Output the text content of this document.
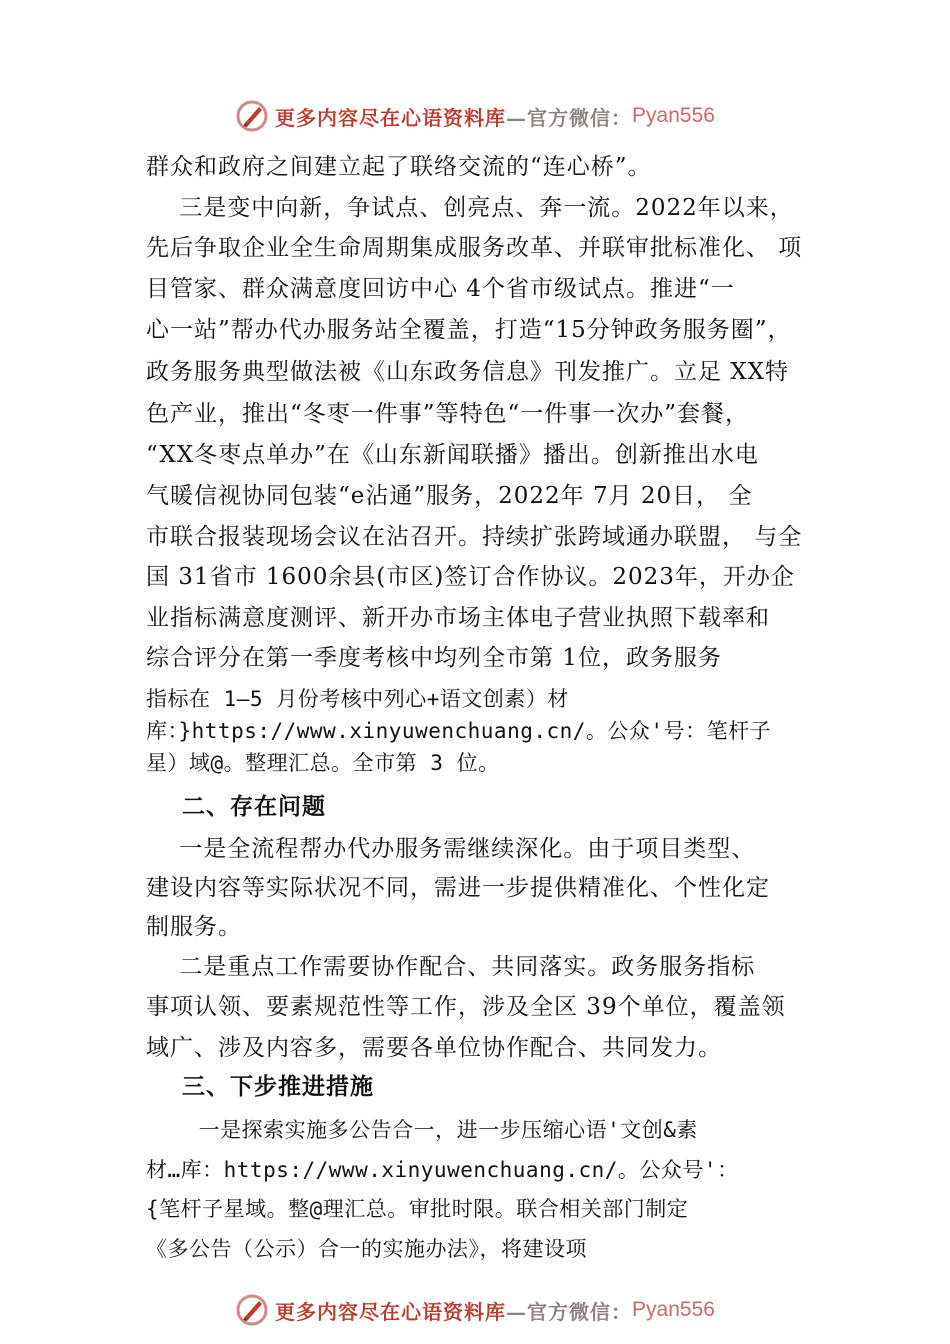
更多内容尽在心语资料库 —官方微信： Pyan556
群众和政府之间建立起了联络交流的“连心桥”。
三是变中向新，争试点、创亮点、奔一流。2022年以来，
先后争取企业全生命周期集成服务改革、并联审批标准化、 项
目管家、群众满意度回访中心 4个省市级试点。推进“一
心一站”帮办代办服务站全覆盖，打造“15分钟政务服务圈”，
政务服务典型做法被《山东政务信息》刊发推广。立足 XX特
色产业，推出“冬枣一件事”等特色“一件事一次办”套餐，
“XX冬枣点单办”在《山东新闻联播》播出。创新推出水电
气暖信视协同包装“e沾通”服务，2022年 7月 20日， 全
市联合报装现场会议在沾召开。持续扩张跨域通办联盟， 与全
国 31省市 1600余县(市区)签订合作协议。2023年，开办企
业指标满意度测评、新开办市场主体电子营业执照下载率和
综合评分在第一季度考核中均列全市第 1位，政务服务
指标在 1—5 月份考核中列心+语文创素）材
库：}https://www.xinyuwenchuang.cn/。公众'号：笔杆子
星）域@。整理汇总。全市第 3 位。
二、存在问题
一是全流程帮办代办服务需继续深化。由于项目类型、
建设内容等实际状况不同，需进一步提供精准化、个性化定
制服务。
二是重点工作需要协作配合、共同落实。政务服务指标
事项认领、要素规范性等工作，涉及全区 39个单位，覆盖领
域广、涉及内容多，需要各单位协作配合、共同发力。
三、下步推进措施
一是探索实施多公告合一，进一步压缩心语'文创&素
材…库：https://www.xinyuwenchuang.cn/。公众号'：
{笔杆子星域。整@理汇总。审批时限。联合相关部门制定
《多公告（公示）合一的实施办法》，将建设项
更多内容尽在心语资料库 —官方微信： Pyan556
